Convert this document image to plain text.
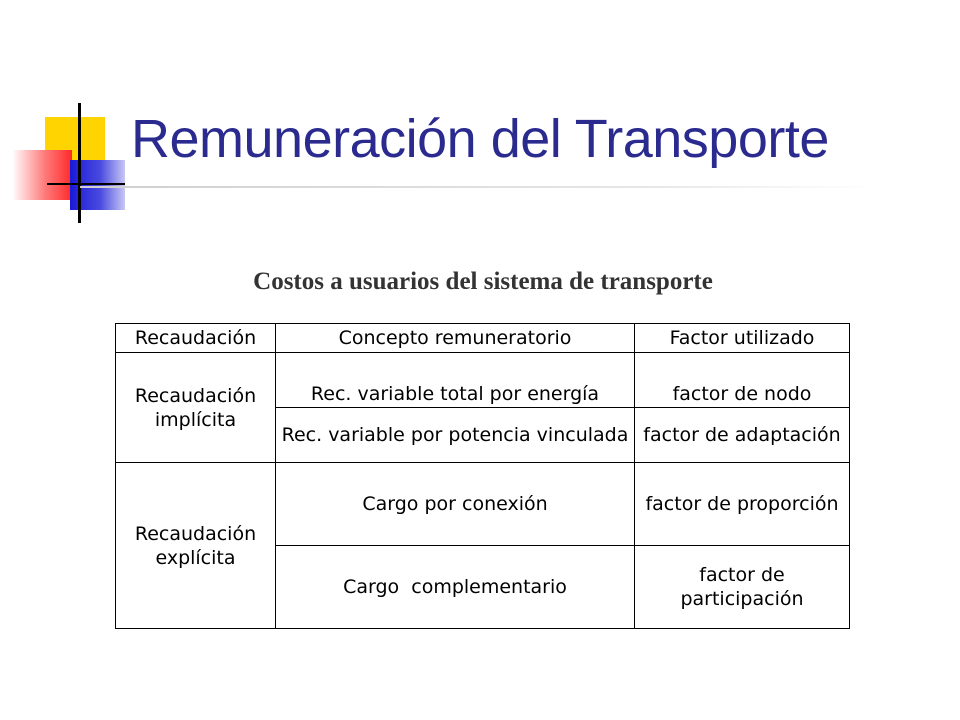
Remuneración del Transporte
Costos a usuarios del sistema de transporte
Recaudación	Concepto remuneratorio	Factor utilizado
Recaudación implícita	Rec. variable total por energía	factor de nodo
	Rec. variable por potencia vinculada	factor de adaptación
Recaudación explícita	Cargo por conexión	factor de proporción
	Cargo  complementario	factor de participación
